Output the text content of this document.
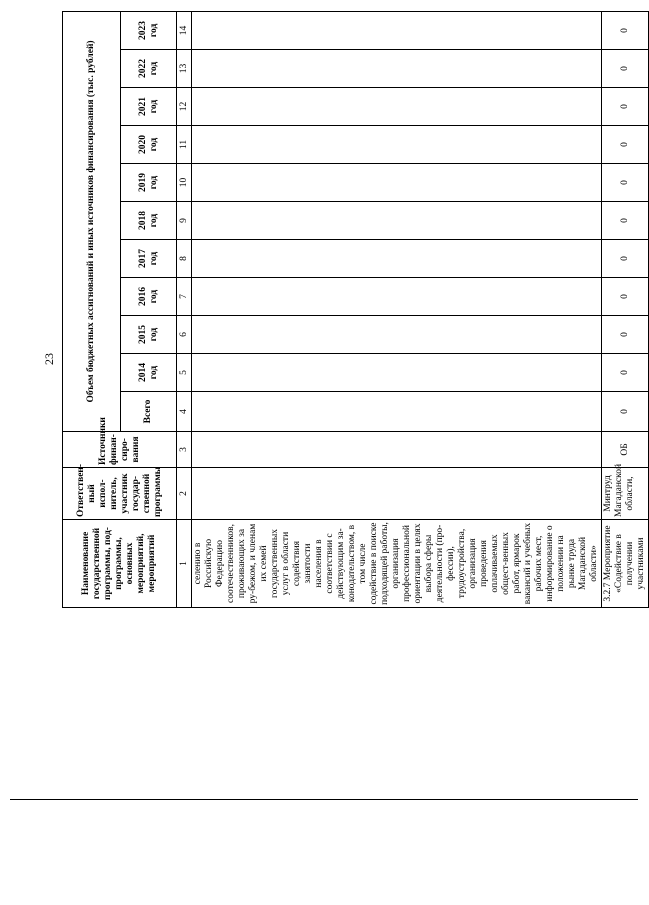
23
Наименование государственной программы, под-программы, основных мероприятий, мероприятий	Ответствен-ный испол-нитель, участник государ-ственной программы	Источники финан-сиро-вания	Объем бюджетных ассигнований и иных источников финансирования (тыс. рублей)										
			Всего	2014 год	2015 год	2016 год	2017 год	2018 год	2019 год	2020 год	2021 год	2022 год	2023 год
1	2	3	4	5	6	7	8	9	10	11	12	13	14
селению в Российскую Федерацию соотечественников, проживающих за ру-бежом, и членам их семей государственных услуг в области содействия занятости населения в соответствии с действующим за-конодательством, в том числе содействие в поиске подходящей работы, организация профессиональной ориентации в целях выбора сферы деятельности (про-фессии), трудоустройства, организация проведения оплачиваемых общест-венных работ, ярмарок вакансий и учебных рабочих мест, информирование о положении на рынке труда Магаданской области»													
3.2.7 Мероприятие «Содействие в получении участниками	Минтруд Магаданской области,	ОБ	0	0	0	0	0	0	0	0	0	0	0
